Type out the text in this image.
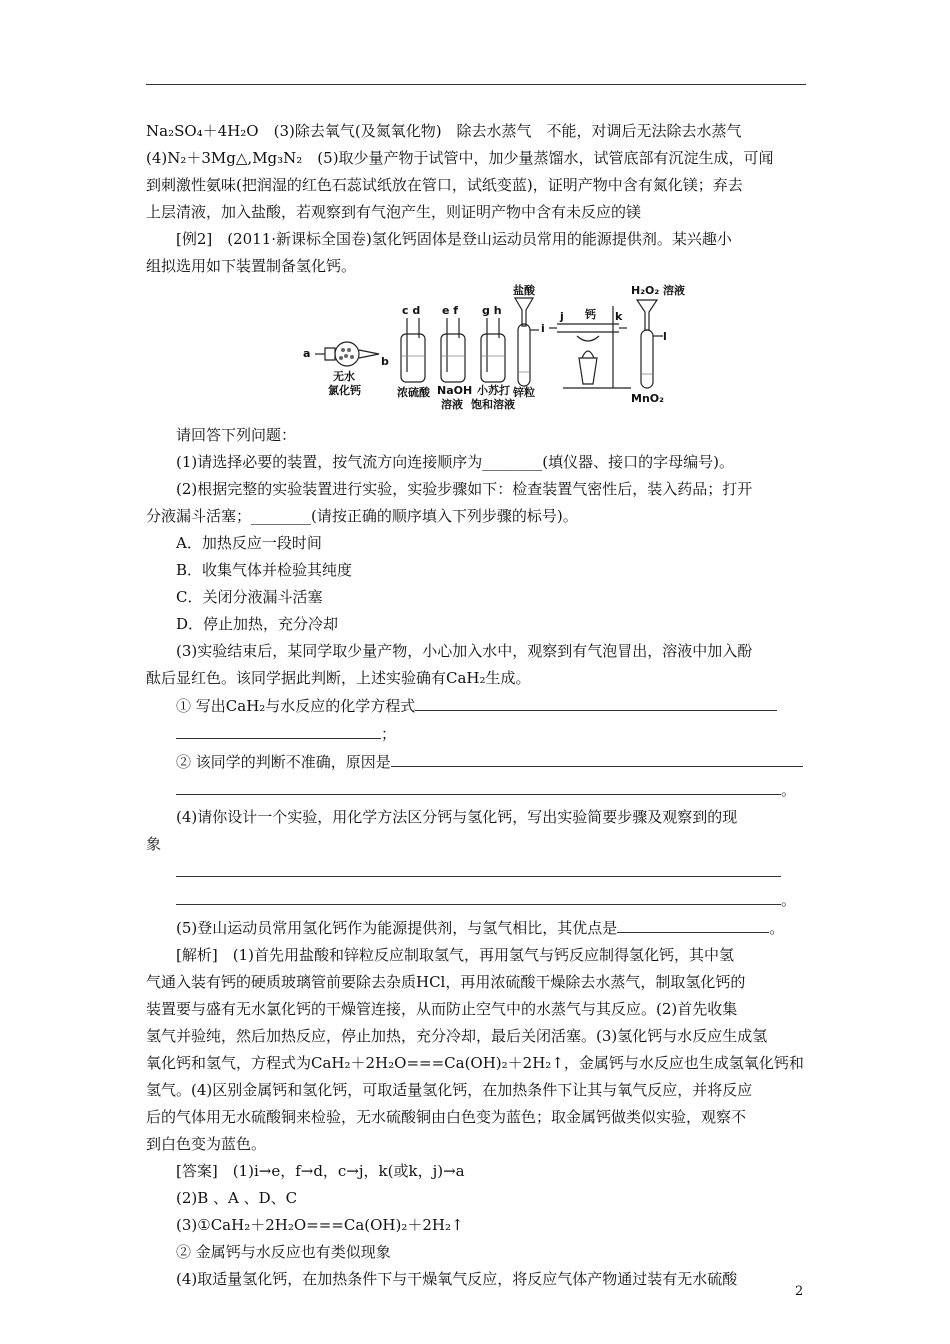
Na₂SO₄＋4H₂O　(3)除去氧气(及氮氧化物)　除去水蒸气　不能，对调后无法除去水蒸气

(4)N₂＋3Mg△,Mg₃N₂　(5)取少量产物于试管中，加少量蒸馏水，试管底部有沉淀生成，可闻

到刺激性氨味(把润湿的红色石蕊试纸放在管口，试纸变蓝)，证明产物中含有氮化镁；弃去

上层清液，加入盐酸，若观察到有气泡产生，则证明产物中含有未反应的镁

[例2]　(2011·新课标全国卷)氢化钙固体是登山运动员常用的能源提供剂。某兴趣小

组拟选用如下装置制备氢化钙。

盐酸	H₂O₂ 溶液
钙
a
b
c d e f g h
i
j	k
l
无水
氯化钙	浓硫酸 NaOH
溶液
小苏打
饱和溶液
锌粒	MnO₂

请回答下列问题：

(1)请选择必要的装置，按气流方向连接顺序为________(填仪器、接口的字母编号)。

(2)根据完整的实验装置进行实验，实验步骤如下：检查装置气密性后，装入药品；打开

分液漏斗活塞；________(请按正确的顺序填入下列步骤的标号)。

A．加热反应一段时间

B．收集气体并检验其纯度

C．关闭分液漏斗活塞

D．停止加热，充分冷却

(3)实验结束后，某同学取少量产物，小心加入水中，观察到有气泡冒出，溶液中加入酚

酞后显红色。该同学据此判断，上述实验确有CaH₂生成。

① 写出CaH₂与水反应的化学方程式

；

② 该同学的判断不准确，原因是

。

(4)请你设计一个实验，用化学方法区分钙与氢化钙，写出实验简要步骤及观察到的现

象

。

(5)登山运动员常用氢化钙作为能源提供剂，与氢气相比，其优点是	。

[解析]　(1)首先用盐酸和锌粒反应制取氢气，再用氢气与钙反应制得氢化钙，其中氢

气通入装有钙的硬质玻璃管前要除去杂质HCl，再用浓硫酸干燥除去水蒸气，制取氢化钙的

装置要与盛有无水氯化钙的干燥管连接，从而防止空气中的水蒸气与其反应。(2)首先收集

氢气并验纯，然后加热反应，停止加热，充分冷却，最后关闭活塞。(3)氢化钙与水反应生成氢

氧化钙和氢气，方程式为CaH₂＋2H₂O===Ca(OH)₂＋2H₂↑，金属钙与水反应也生成氢氧化钙和

氢气。(4)区别金属钙和氢化钙，可取适量氢化钙，在加热条件下让其与氧气反应，并将反应

后的气体用无水硫酸铜来检验，无水硫酸铜由白色变为蓝色；取金属钙做类似实验，观察不

到白色变为蓝色。

[答案]　(1)i→e，f→d，c→j，k(或k，j)→a

(2)B 、A 、D、C

(3)①CaH₂＋2H₂O===Ca(OH)₂＋2H₂↑

② 金属钙与水反应也有类似现象

(4)取适量氢化钙，在加热条件下与干燥氧气反应，将反应气体产物通过装有无水硫酸

2
